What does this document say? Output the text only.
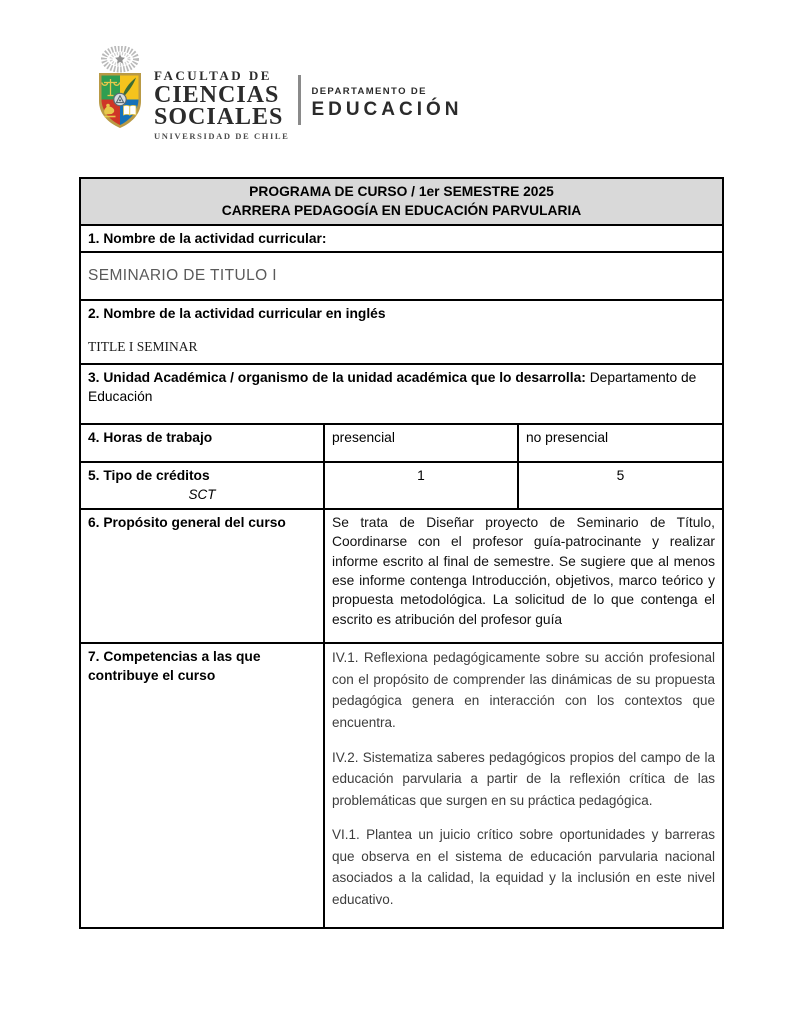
FACULTAD DE
CIENCIAS
SOCIALES
UNIVERSIDAD DE CHILE
DEPARTAMENTO DE
EDUCACIÓN
PROGRAMA DE CURSO / 1er SEMESTRE 2025
CARRERA PEDAGOGÍA EN EDUCACIÓN PARVULARIA		

1. Nombre de la actividad curricular:		

SEMINARIO DE TITULO I		

2. Nombre de la actividad curricular en inglés
TITLE I SEMINAR		

3. Unidad Académica / organismo de la unidad académica que lo desarrolla: Departamento de Educación		
4. Horas de trabajo	presencial	no presencial

5. Tipo de créditos
SCT	1	5
6. Propósito general del curso	Se trata de Diseñar proyecto de Seminario de Título, Coordinarse con el profesor guía-patrocinante y realizar informe escrito al final de semestre. Se sugiere que al menos ese informe contenga Introducción, objetivos, marco teórico y propuesta metodológica. La solicitud de lo que contenga el escrito es atribución del profesor guía	
7. Competencias a las que contribuye el curso	IV.1. Reflexiona pedagógicamente sobre su acción profesional con el propósito de comprender las dinámicas de su propuesta pedagógica genera en interacción con los contextos que encuentra.

IV.2. Sistematiza saberes pedagógicos propios del campo de la educación parvularia a partir de la reflexión crítica de las problemáticas que surgen en su práctica pedagógica.

VI.1. Plantea un juicio crítico sobre oportunidades y barreras que observa en el sistema de educación parvularia nacional asociados a la calidad, la equidad y la inclusión en este nivel educativo.	
